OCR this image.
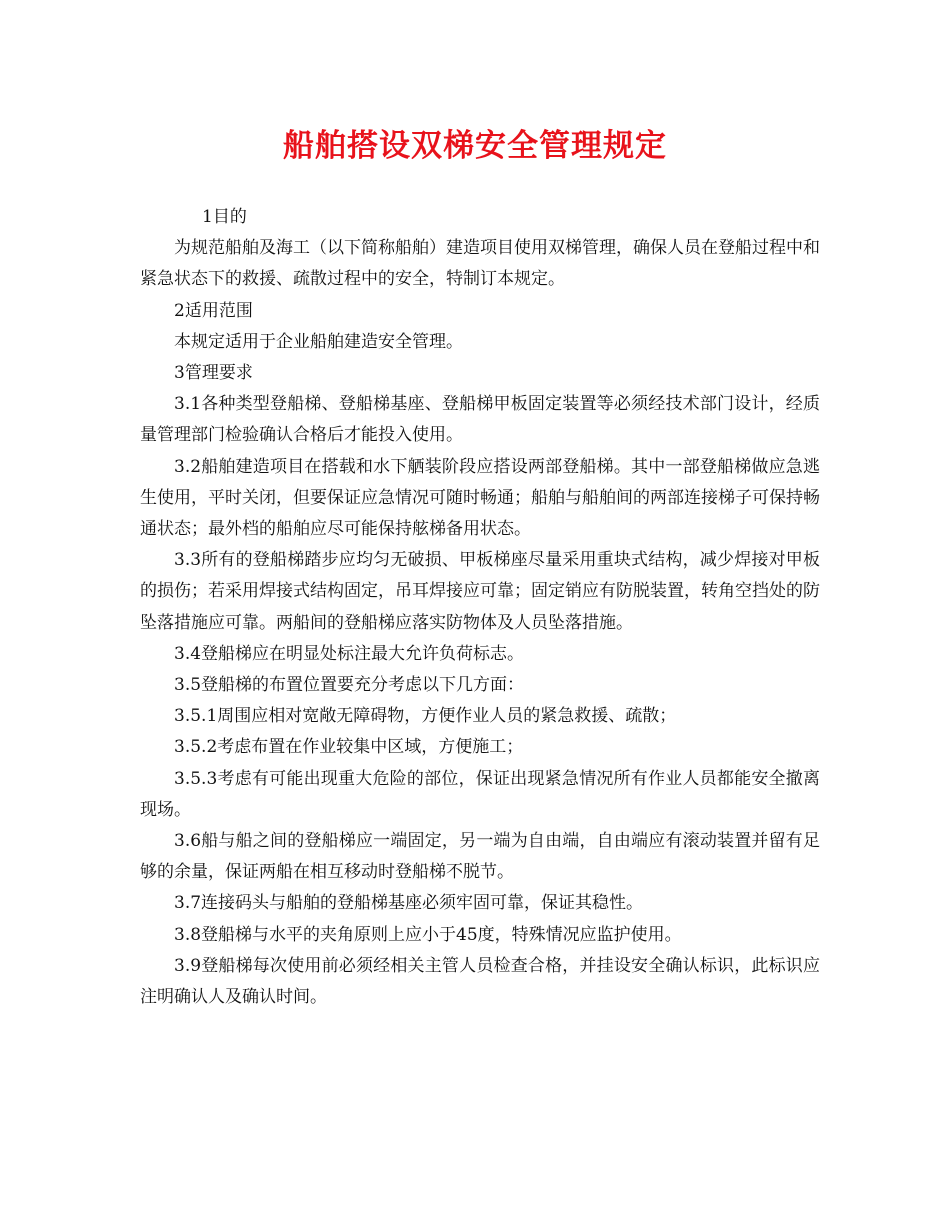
船舶搭设双梯安全管理规定

1目的

为规范船舶及海工（以下简称船舶）建造项目使用双梯管理，确保人员在登船过程中和紧急状态下的救援、疏散过程中的安全，特制订本规定。

2适用范围

本规定适用于企业船舶建造安全管理。

3管理要求

3.1各种类型登船梯、登船梯基座、登船梯甲板固定装置等必须经技术部门设计，经质量管理部门检验确认合格后才能投入使用。

3.2船舶建造项目在搭载和水下舾装阶段应搭设两部登船梯。其中一部登船梯做应急逃生使用，平时关闭，但要保证应急情况可随时畅通；船舶与船舶间的两部连接梯子可保持畅通状态；最外档的船舶应尽可能保持舷梯备用状态。

3.3所有的登船梯踏步应均匀无破损、甲板梯座尽量采用重块式结构，减少焊接对甲板的损伤；若采用焊接式结构固定，吊耳焊接应可靠；固定销应有防脱装置，转角空挡处的防坠落措施应可靠。两船间的登船梯应落实防物体及人员坠落措施。

3.4登船梯应在明显处标注最大允许负荷标志。

3.5登船梯的布置位置要充分考虑以下几方面：

3.5.1周围应相对宽敞无障碍物，方便作业人员的紧急救援、疏散；

3.5.2考虑布置在作业较集中区域，方便施工；

3.5.3考虑有可能出现重大危险的部位，保证出现紧急情况所有作业人员都能安全撤离现场。

3.6船与船之间的登船梯应一端固定，另一端为自由端，自由端应有滚动装置并留有足够的余量，保证两船在相互移动时登船梯不脱节。

3.7连接码头与船舶的登船梯基座必须牢固可靠，保证其稳性。

3.8登船梯与水平的夹角原则上应小于45度，特殊情况应监护使用。

3.9登船梯每次使用前必须经相关主管人员检查合格，并挂设安全确认标识，此标识应注明确认人及确认时间。
